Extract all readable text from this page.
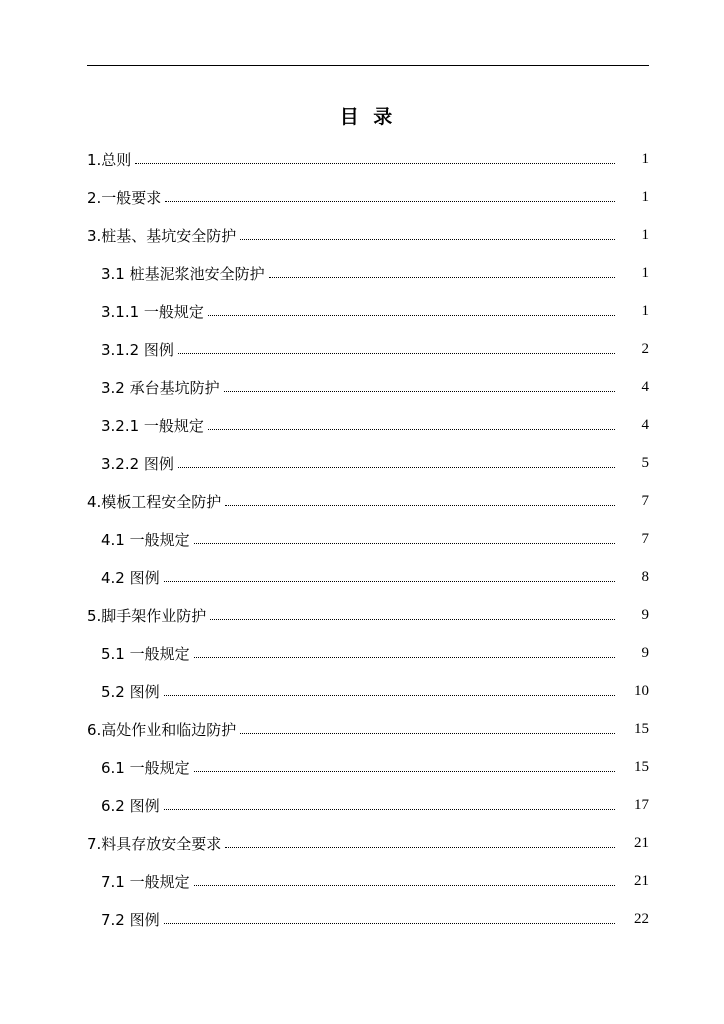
目 录
1.总则	1
2.一般要求	1
3.桩基、基坑安全防护	1
3.1 桩基泥浆池安全防护	1
3.1.1 一般规定	1
3.1.2 图例	2
3.2 承台基坑防护	4
3.2.1 一般规定	4
3.2.2 图例	5
4.模板工程安全防护	7
4.1 一般规定	7
4.2 图例	8
5.脚手架作业防护	9
5.1 一般规定	9
5.2 图例	10
6.高处作业和临边防护	15
6.1 一般规定	15
6.2 图例	17
7.料具存放安全要求	21
7.1 一般规定	21
7.2 图例	22
